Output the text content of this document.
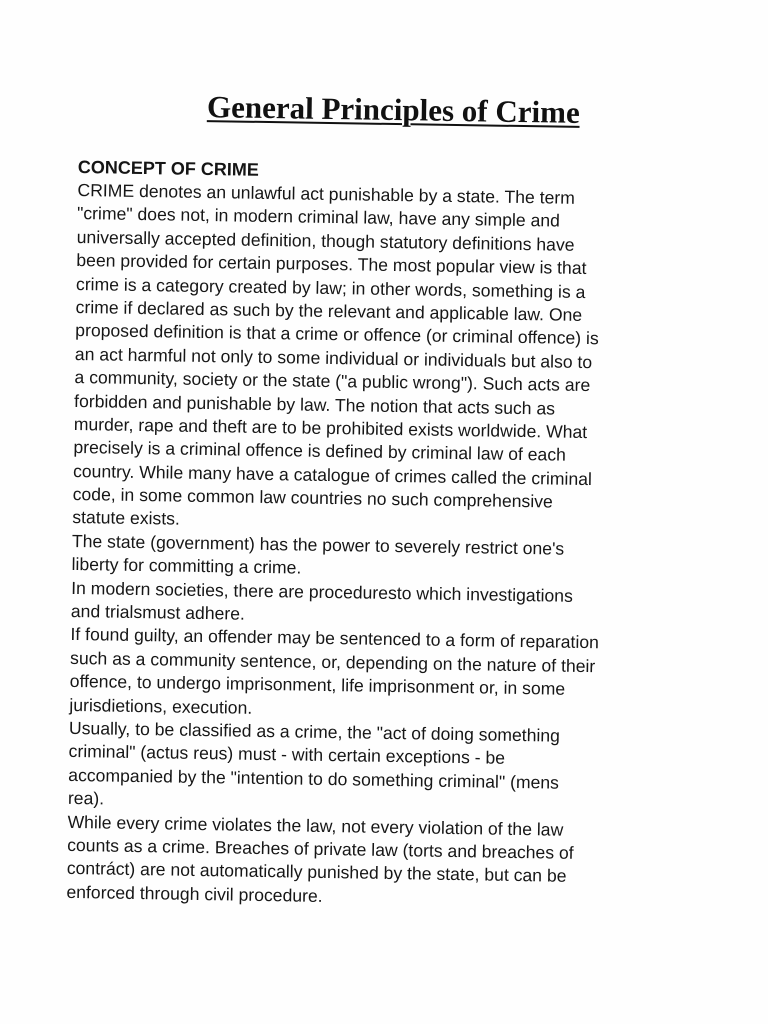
General Principles of Crime
CONCEPT OF CRIME
CRIME denotes an unlawful act punishable by a state. The term
"crime" does not, in modern criminal law, have any simple and
universally accepted definition, though statutory definitions have
been provided for certain purposes. The most popular view is that
crime is a category created by law; in other words, something is a
crime if declared as such by the relevant and applicable law. One
proposed definition is that a crime or offence (or criminal offence) is
an act harmful not only to some individual or individuals but also to
a community, society or the state ("a public wrong"). Such acts are
forbidden and punishable by law. The notion that acts such as
murder, rape and theft are to be prohibited exists worldwide. What
precisely is a criminal offence is defined by criminal law of each
country. While many have a catalogue of crimes called the criminal
code, in some common law countries no such comprehensive
statute exists.
The state (government) has the power to severely restrict one's
liberty for committing a crime.
In modern societies, there are proceduresto which investigations
and trialsmust adhere.
If found guilty, an offender may be sentenced to a form of reparation
such as a community sentence, or, depending on the nature of their
offence, to undergo imprisonment, life imprisonment or, in some
jurisdietions, execution.
Usually, to be classified as a crime, the "act of doing something
criminal" (actus reus) must - with certain exceptions - be
accompanied by the "intention to do something criminal" (mens
rea).
While every crime violates the law, not every violation of the law
counts as a crime. Breaches of private law (torts and breaches of
contráct) are not automatically punished by the state, but can be
enforced through civil procedure.
